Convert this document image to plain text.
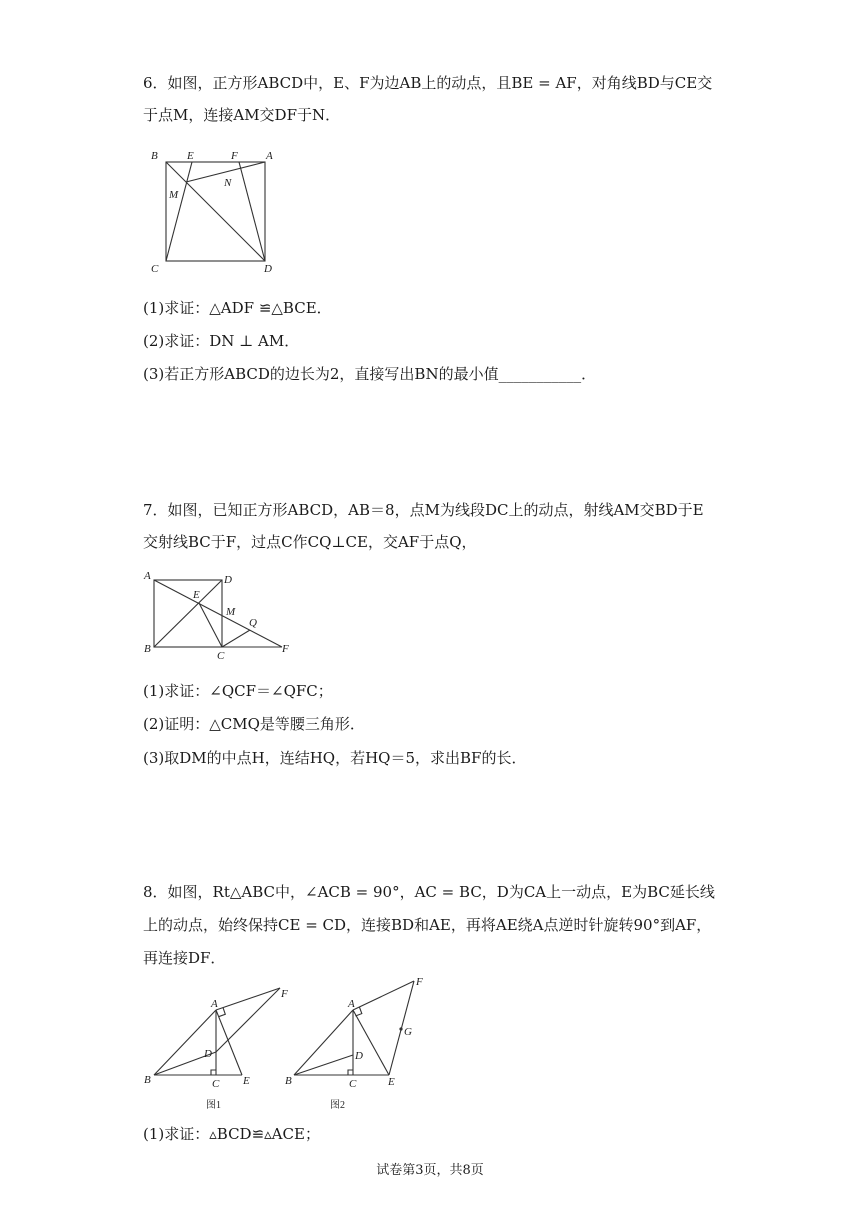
6．如图，正方形ABCD中，E、F为边AB上的动点，且BE = AF，对角线BD与CE交
于点M，连接AM交DF于N．
B	E	F	A
M
N
C	D
(1)求证：△ADF ≌△BCE．
(2)求证：DN ⊥ AM．
(3)若正方形ABCD的边长为2，直接写出BN的最小值___________．
7．如图，已知正方形ABCD，AB＝8，点M为线段DC上的动点，射线AM交BD于E
交射线BC于F，过点C作CQ⊥CE，交AF于点Q，
A	D
E
M
Q
B
C
F
(1)求证：∠QCF＝∠QFC；
(2)证明：△CMQ是等腰三角形．
(3)取DM的中点H，连结HQ，若HQ＝5，求出BF的长．
8．如图，Rt△ABC中，∠ACB = 90°，AC = BC，D为CA上一动点，E为BC延长线
上的动点，始终保持CE = CD，连接BD和AE，再将AE绕A点逆时针旋转90°到AF，
再连接DF．
A
F
D
B	C E
图1
A
F
G
D
B	C	E
图2
(1)求证：▵BCD≌▵ACE；
试卷第3页，共8页
